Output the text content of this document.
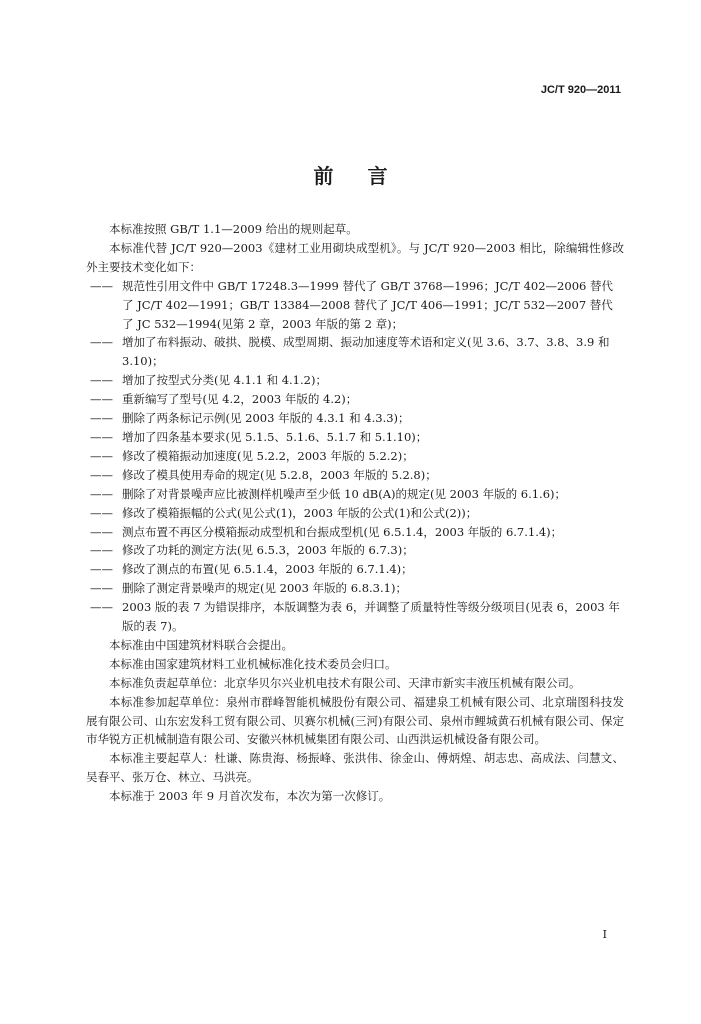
JC/T 920—2011
前言

本标准按照 GB/T 1.1—2009 给出的规则起草。

本标准代替 JC/T 920—2003《建材工业用砌块成型机》。与 JC/T 920—2003 相比，除编辑性修改外主要技术变化如下：

—— 规范性引用文件中 GB/T 17248.3—1999 替代了 GB/T 3768—1996；JC/T 402—2006 替代了 JC/T 402—1991；GB/T 13384—2008 替代了 JC/T 406—1991；JC/T 532—2007 替代了 JC 532—1994(见第 2 章，2003 年版的第 2 章)；

—— 增加了布料振动、破拱、脱模、成型周期、振动加速度等术语和定义(见 3.6、3.7、3.8、3.9 和 3.10)；

—— 增加了按型式分类(见 4.1.1 和 4.1.2)；

—— 重新编写了型号(见 4.2，2003 年版的 4.2)；

—— 删除了两条标记示例(见 2003 年版的 4.3.1 和 4.3.3)；

—— 增加了四条基本要求(见 5.1.5、5.1.6、5.1.7 和 5.1.10)；

—— 修改了模箱振动加速度(见 5.2.2，2003 年版的 5.2.2)；

—— 修改了模具使用寿命的规定(见 5.2.8，2003 年版的 5.2.8)；

—— 删除了对背景噪声应比被测样机噪声至少低 10 dB(A)的规定(见 2003 年版的 6.1.6)；

—— 修改了模箱振幅的公式(见公式(1)，2003 年版的公式(1)和公式(2))；

—— 测点布置不再区分模箱振动成型机和台振成型机(见 6.5.1.4，2003 年版的 6.7.1.4)；

—— 修改了功耗的测定方法(见 6.5.3，2003 年版的 6.7.3)；

—— 修改了测点的布置(见 6.5.1.4，2003 年版的 6.7.1.4)；

—— 删除了测定背景噪声的规定(见 2003 年版的 6.8.3.1)；

—— 2003 版的表 7 为错误排序，本版调整为表 6，并调整了质量特性等级分级项目(见表 6，2003 年版的表 7)。

本标准由中国建筑材料联合会提出。

本标准由国家建筑材料工业机械标准化技术委员会归口。

本标准负责起草单位：北京华贝尔兴业机电技术有限公司、天津市新实丰液压机械有限公司。

本标准参加起草单位：泉州市群峰智能机械股份有限公司、福建泉工机械有限公司、北京瑞图科技发展有限公司、山东宏发科工贸有限公司、贝赛尔机械(三河)有限公司、泉州市鲤城黄石机械有限公司、保定市华锐方正机械制造有限公司、安徽兴林机械集团有限公司、山西洪运机械设备有限公司。

本标准主要起草人：杜谦、陈贵海、杨振峰、张洪伟、徐金山、傅炳煌、胡志忠、高成法、闫慧文、吴春平、张万仓、林立、马洪亮。

本标准于 2003 年 9 月首次发布，本次为第一次修订。

I
